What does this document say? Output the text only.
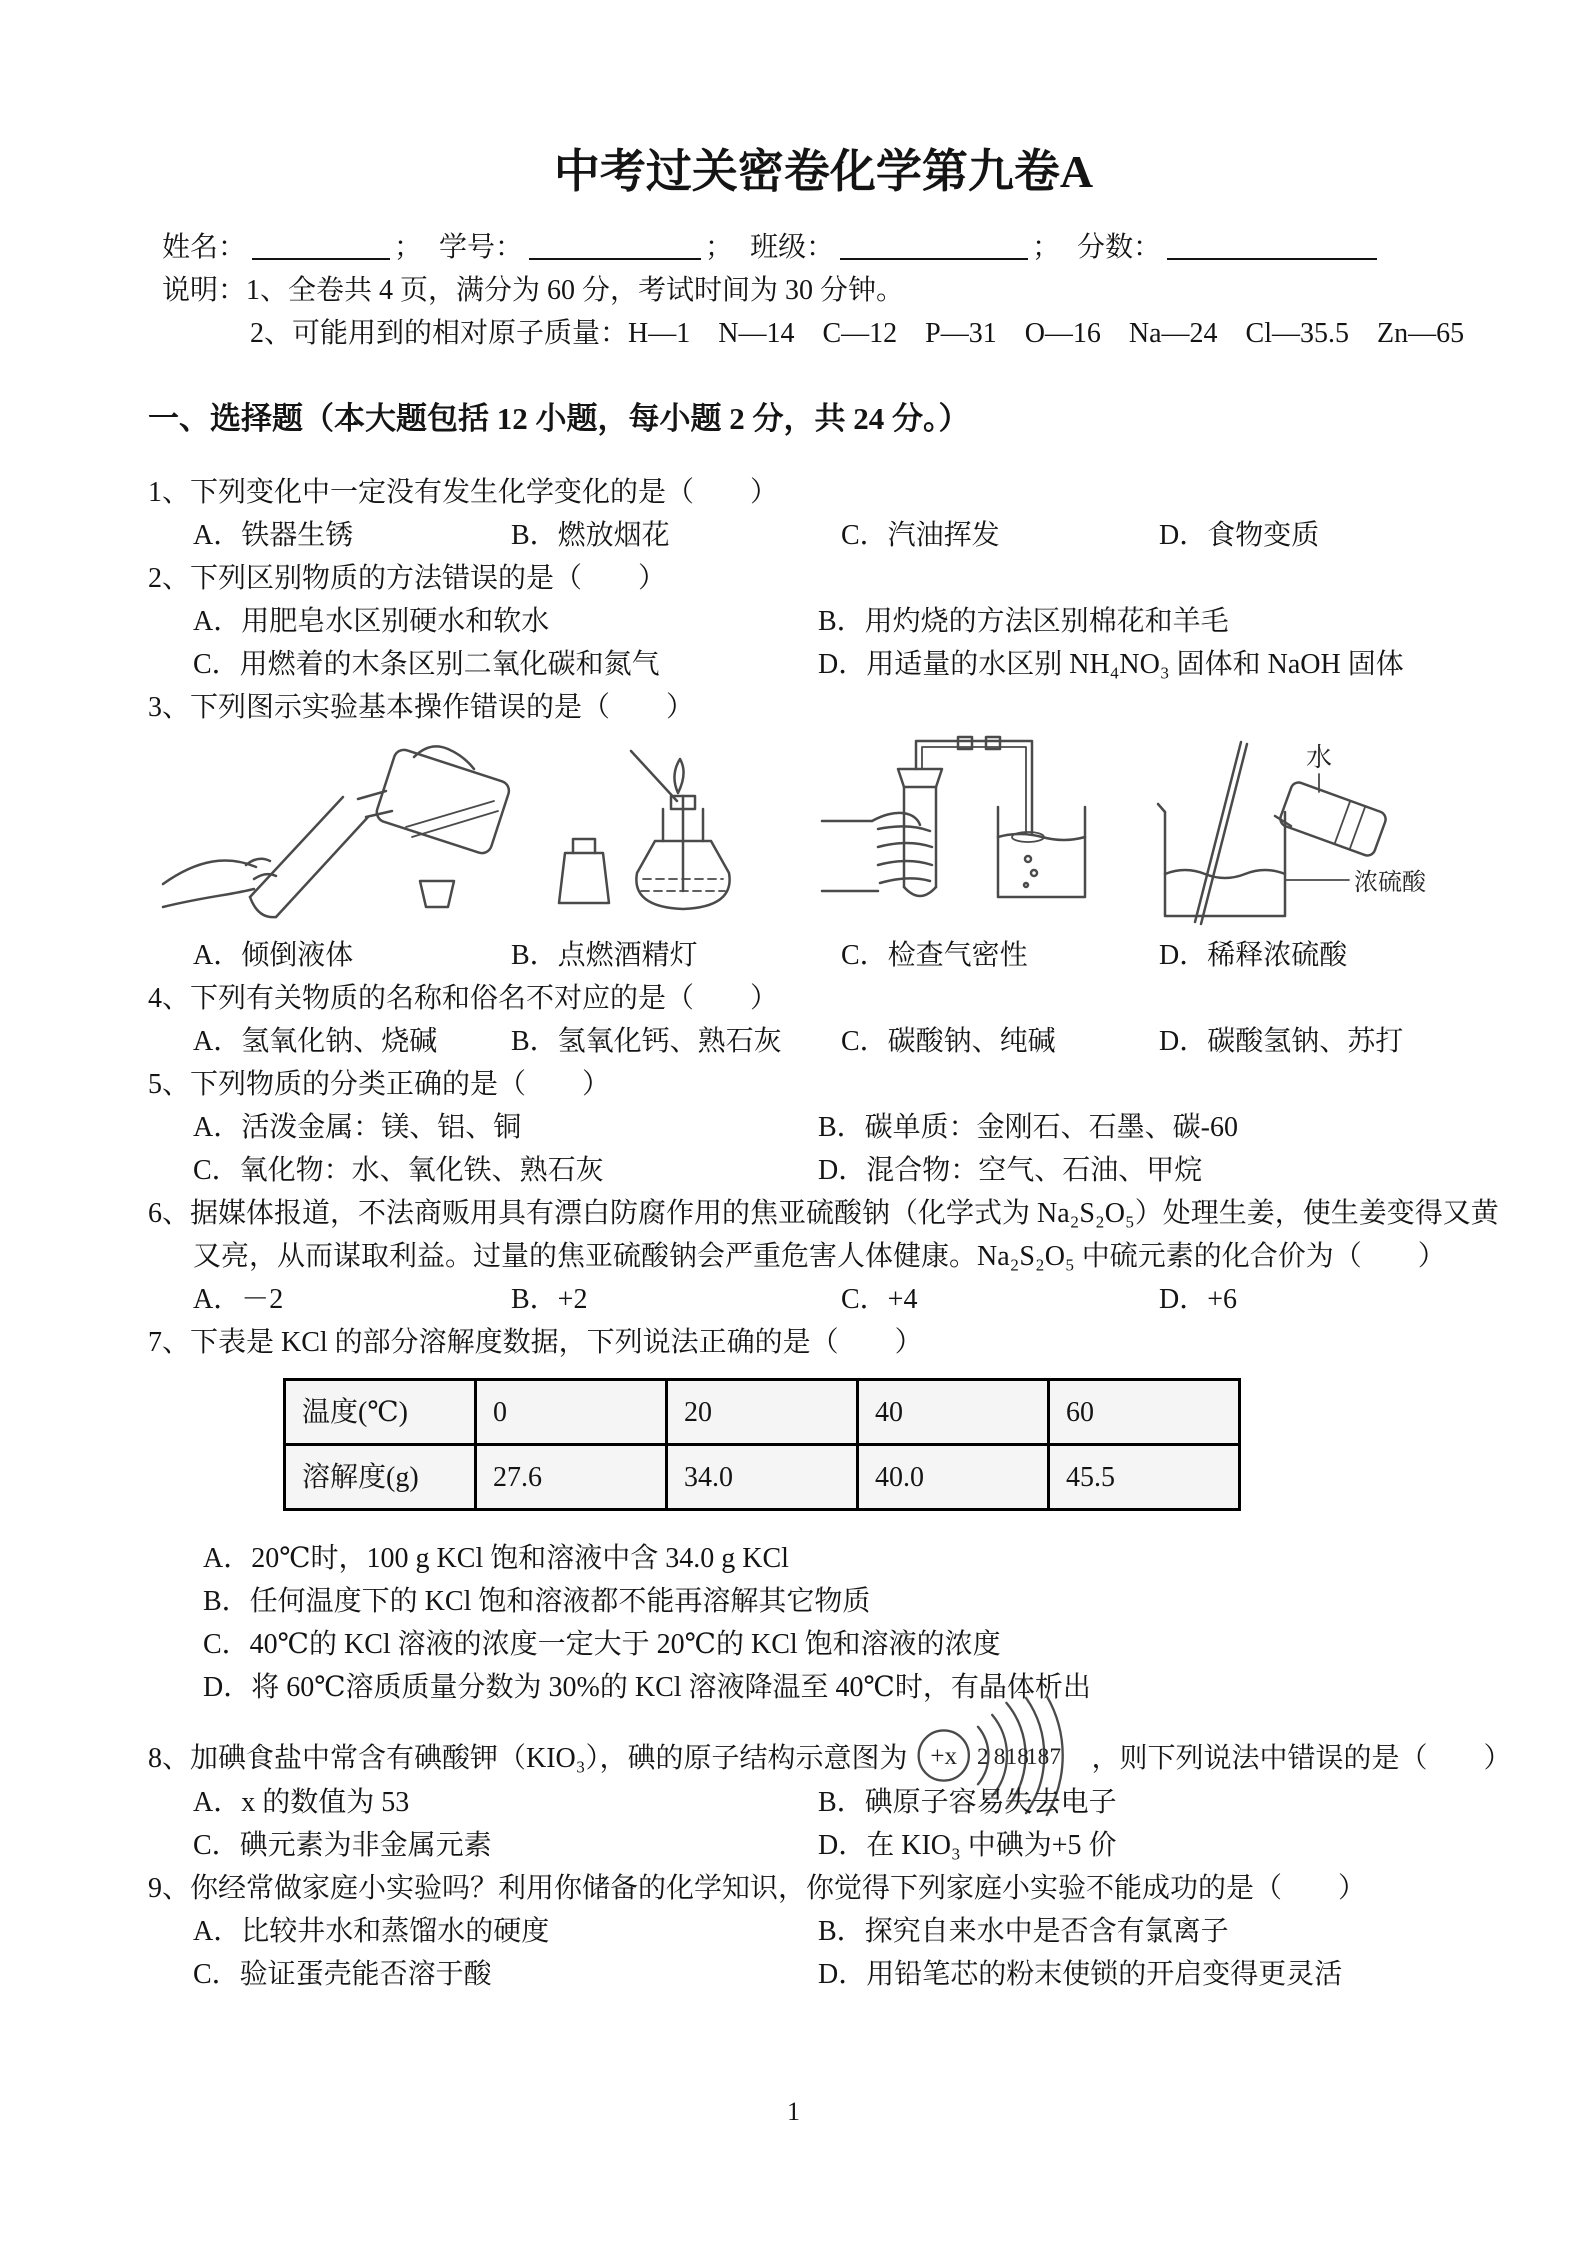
中考过关密卷化学第九卷A
姓名：	； 学号：	； 班级：	； 分数：
说明：1、全卷共 4 页，满分为 60 分，考试时间为 30 分钟。
2、可能用到的相对原子质量：H—1　N—14　C—12　P—31　O—16　Na—24　Cl—35.5　Zn—65
一、选择题（本大题包括 12 小题，每小题 2 分，共 24 分。）
1、下列变化中一定没有发生化学变化的是（　　）
A．铁器生锈	B．燃放烟花	C．汽油挥发	D．食物变质
2、下列区别物质的方法错误的是（　　）
A．用肥皂水区别硬水和软水	B．用灼烧的方法区别棉花和羊毛
C．用燃着的木条区别二氧化碳和氮气	D．用适量的水区别 NH₄NO₃ 固体和 NaOH 固体
3、下列图示实验基本操作错误的是（　　）
水
浓硫酸
A．倾倒液体	B．点燃酒精灯	C．检查气密性	D．稀释浓硫酸
4、下列有关物质的名称和俗名不对应的是（　　）
A．氢氧化钠、烧碱	B．氢氧化钙、熟石灰	C．碳酸钠、纯碱	D．碳酸氢钠、苏打
5、下列物质的分类正确的是（　　）
A．活泼金属：镁、铝、铜	B．碳单质：金刚石、石墨、碳-60
C．氧化物：水、氧化铁、熟石灰	D．混合物：空气、石油、甲烷
6、据媒体报道，不法商贩用具有漂白防腐作用的焦亚硫酸钠（化学式为 Na₂S₂O₅）处理生姜，使生姜变得又黄又亮，从而谋取利益。过量的焦亚硫酸钠会严重危害人体健康。Na₂S₂O₅ 中硫元素的化合价为（　　）
A．－2	B．+2	C．+4	D．+6
7、下表是 KCl 的部分溶解度数据，下列说法正确的是（　　）
温度(℃)	0	20	40	60
溶解度(g)	27.6	34.0	40.0	45.5
A．20℃时，100 g KCl 饱和溶液中含 34.0 g KCl
B．任何温度下的 KCl 饱和溶液都不能再溶解其它物质
C．40℃的 KCl 溶液的浓度一定大于 20℃的 KCl 饱和溶液的浓度
D．将 60℃溶质质量分数为 30%的 KCl 溶液降温至 40℃时，有晶体析出
8、加碘食盐中常含有碘酸钾（KIO₃），碘的原子结构示意图为 +x 2 8 18
18 7 ，则下列说法中错误的是（　　）
A．x 的数值为 53	B．碘原子容易失去电子
C．碘元素为非金属元素	D．在 KIO₃ 中碘为+5 价
9、你经常做家庭小实验吗？利用你储备的化学知识，你觉得下列家庭小实验不能成功的是（　　）
A．比较井水和蒸馏水的硬度	B．探究自来水中是否含有氯离子
C．验证蛋壳能否溶于酸	D．用铅笔芯的粉末使锁的开启变得更灵活
1
